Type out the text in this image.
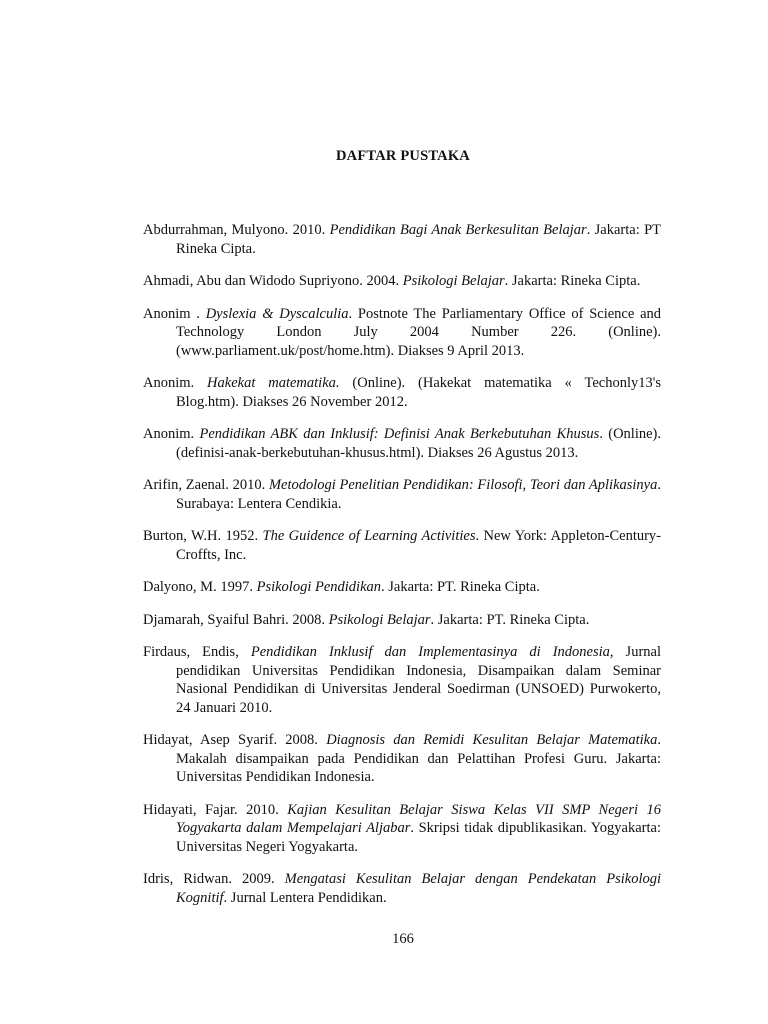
DAFTAR PUSTAKA

Abdurrahman, Mulyono. 2010. Pendidikan Bagi Anak Berkesulitan Belajar. Jakarta: PT Rineka Cipta.

Ahmadi, Abu dan Widodo Supriyono. 2004. Psikologi Belajar. Jakarta: Rineka Cipta.

Anonim . Dyslexia & Dyscalculia. Postnote The Parliamentary Office of Science and Technology London July 2004 Number 226. (Online). (www.parliament.uk/post/home.htm). Diakses 9 April 2013.

Anonim. Hakekat matematika. (Online). (Hakekat matematika « Techonly13's Blog.htm). Diakses 26 November 2012.

Anonim. Pendidikan ABK dan Inklusif: Definisi Anak Berkebutuhan Khusus. (Online). (definisi-anak-berkebutuhan-khusus.html). Diakses 26 Agustus 2013.

Arifin, Zaenal. 2010. Metodologi Penelitian Pendidikan: Filosofi, Teori dan Aplikasinya. Surabaya: Lentera Cendikia.

Burton, W.H. 1952. The Guidence of Learning Activities. New York: Appleton-Century-Croffts, Inc.

Dalyono, M. 1997. Psikologi Pendidikan. Jakarta: PT. Rineka Cipta.

Djamarah, Syaiful Bahri. 2008. Psikologi Belajar. Jakarta: PT. Rineka Cipta.

Firdaus, Endis, Pendidikan Inklusif dan Implementasinya di Indonesia, Jurnal pendidikan Universitas Pendidikan Indonesia, Disampaikan dalam Seminar Nasional Pendidikan di Universitas Jenderal Soedirman (UNSOED) Purwokerto, 24 Januari 2010.

Hidayat, Asep Syarif. 2008. Diagnosis dan Remidi Kesulitan Belajar Matematika. Makalah disampaikan pada Pendidikan dan Pelattihan Profesi Guru. Jakarta: Universitas Pendidikan Indonesia.

Hidayati, Fajar. 2010. Kajian Kesulitan Belajar Siswa Kelas VII SMP Negeri 16 Yogyakarta dalam Mempelajari Aljabar. Skripsi tidak dipublikasikan. Yogyakarta: Universitas Negeri Yogyakarta.

Idris, Ridwan. 2009. Mengatasi Kesulitan Belajar dengan Pendekatan Psikologi Kognitif. Jurnal Lentera Pendidikan.

166
